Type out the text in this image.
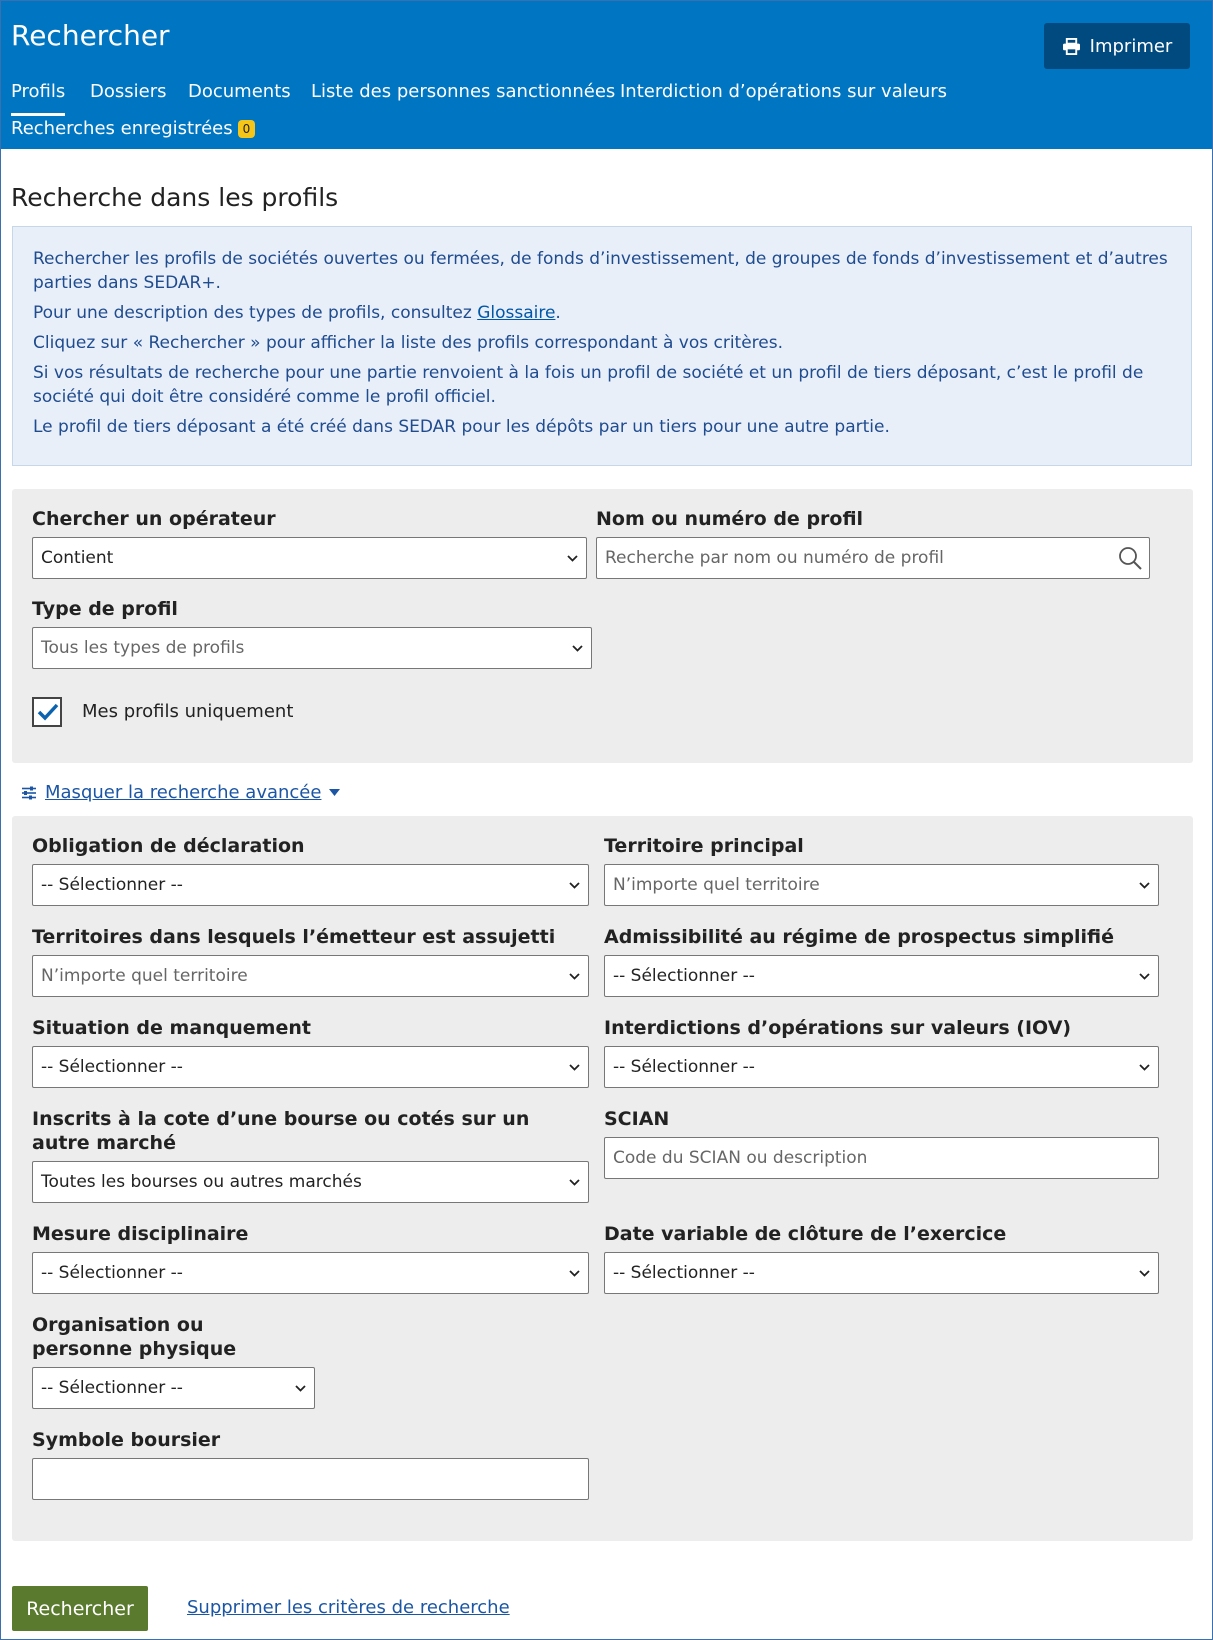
Rechercher	Imprimer
Profils Dossiers Documents Liste des personnes sanctionnées Interdiction d’opérations sur valeurs
Recherches enregistrées 0
Recherche dans les profils

Rechercher les profils de sociétés ouvertes ou fermées, de fonds d’investissement, de groupes de fonds d’investissement et d’autres parties dans SEDAR+.

Pour une description des types de profils, consultez Glossaire.

Cliquez sur « Rechercher » pour afficher la liste des profils correspondant à vos critères.

Si vos résultats de recherche pour une partie renvoient à la fois un profil de société et un profil de tiers déposant, c’est le profil de société qui doit être considéré comme le profil officiel.

Le profil de tiers déposant a été créé dans SEDAR pour les dépôts par un tiers pour une autre partie.

Chercher un opérateur
Contient
Nom ou numéro de profil
Recherche par nom ou numéro de profil
Type de profil
Tous les types de profils
Mes profils uniquement
Masquer la recherche avancée
Obligation de déclaration
-- Sélectionner --
Territoire principal
N’importe quel territoire
Territoires dans lesquels l’émetteur est assujetti
N’importe quel territoire
Admissibilité au régime de prospectus simplifié
-- Sélectionner --
Situation de manquement
-- Sélectionner --
Interdictions d’opérations sur valeurs (IOV)
-- Sélectionner --
Inscrits à la cote d’une bourse ou cotés sur un autre marché
Toutes les bourses ou autres marchés
SCIAN
Code du SCIAN ou description
Mesure disciplinaire
-- Sélectionner --
Date variable de clôture de l’exercice
-- Sélectionner --
Organisation ou personne physique
-- Sélectionner --
Symbole boursier
Rechercher	Supprimer les critères de recherche
